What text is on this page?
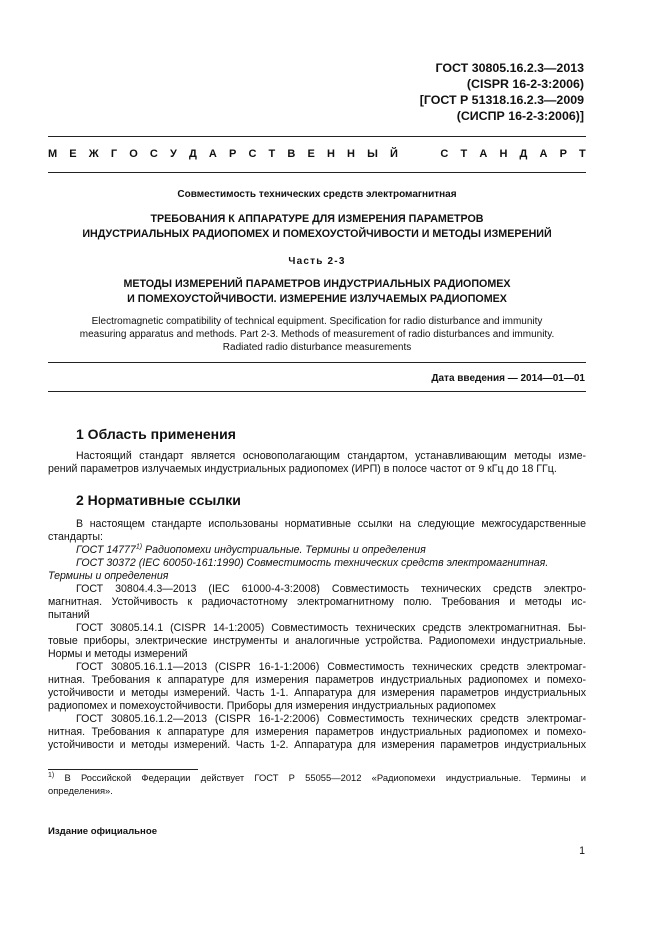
ГОСТ 30805.16.2.3—2013
(CISPR 16-2-3:2006)
[ГОСТ Р 51318.16.2.3—2009
(СИСПР 16-2-3:2006)]
М Е Ж Г О С У Д А Р С Т В Е Н Н Ы Й

	С Т А Н Д А Р Т
Совместимость технических средств электромагнитная
ТРЕБОВАНИЯ К АППАРАТУРЕ ДЛЯ ИЗМЕРЕНИЯ ПАРАМЕТРОВ
ИНДУСТРИАЛЬНЫХ РАДИОПОМЕХ И ПОМЕХОУСТОЙЧИВОСТИ И МЕТОДЫ ИЗМЕРЕНИЙ
Часть 2-3
МЕТОДЫ ИЗМЕРЕНИЙ ПАРАМЕТРОВ ИНДУСТРИАЛЬНЫХ РАДИОПОМЕХ
И ПОМЕХОУСТОЙЧИВОСТИ. ИЗМЕРЕНИЕ ИЗЛУЧАЕМЫХ РАДИОПОМЕХ
Electromagnetic compatibility of technical equipment. Specification for radio disturbance and immunity
measuring apparatus and methods. Part 2-3. Methods of measurement of radio disturbances and immunity.
Radiated radio disturbance measurements
Дата введения — 2014—01—01
1 Область применения
Настоящий стандарт является основополагающим стандартом, устанавливающим методы изме-
рений параметров излучаемых индустриальных радиопомех (ИРП) в полосе частот от 9 кГц до 18 ГГц.
2 Нормативные ссылки
В настоящем стандарте использованы нормативные ссылки на следующие межгосударственные
стандарты:
ГОСТ 14777$^{1)}$ Радиопомехи индустриальные. Термины и определения
ГОСТ 30372 (IEC 60050-161:1990) Совместимость технических средств электромагнитная.
Термины и определения
ГОСТ 30804.4.3—2013 (IEC 61000-4-3:2008) Совместимость технических средств электро-
магнитная. Устойчивость к радиочастотному электромагнитному полю. Требования и методы ис-
пытаний
ГОСТ 30805.14.1 (CISPR 14-1:2005) Совместимость технических средств электромагнитная. Бы-
товые приборы, электрические инструменты и аналогичные устройства. Радиопомехи индустриальные.
Нормы и методы измерений
ГОСТ 30805.16.1.1—2013 (CISPR 16-1-1:2006) Совместимость технических средств электромаг-
нитная. Требования к аппаратуре для измерения параметров индустриальных радиопомех и помехо-
устойчивости и методы измерений. Часть 1-1. Аппаратура для измерения параметров индустриальных
радиопомех и помехоустойчивости. Приборы для измерения индустриальных радиопомех
ГОСТ 30805.16.1.2—2013 (CISPR 16-1-2:2006) Совместимость технических средств электромаг-
нитная. Требования к аппаратуре для измерения параметров индустриальных радиопомех и помехо-
устойчивости и методы измерений. Часть 1-2. Аппаратура для измерения параметров индустриальных
$^{1)}$ В Российской Федерации действует ГОСТ Р 55055—2012 «Радиопомехи индустриальные. Термины и
определения».
Издание официальное
1
